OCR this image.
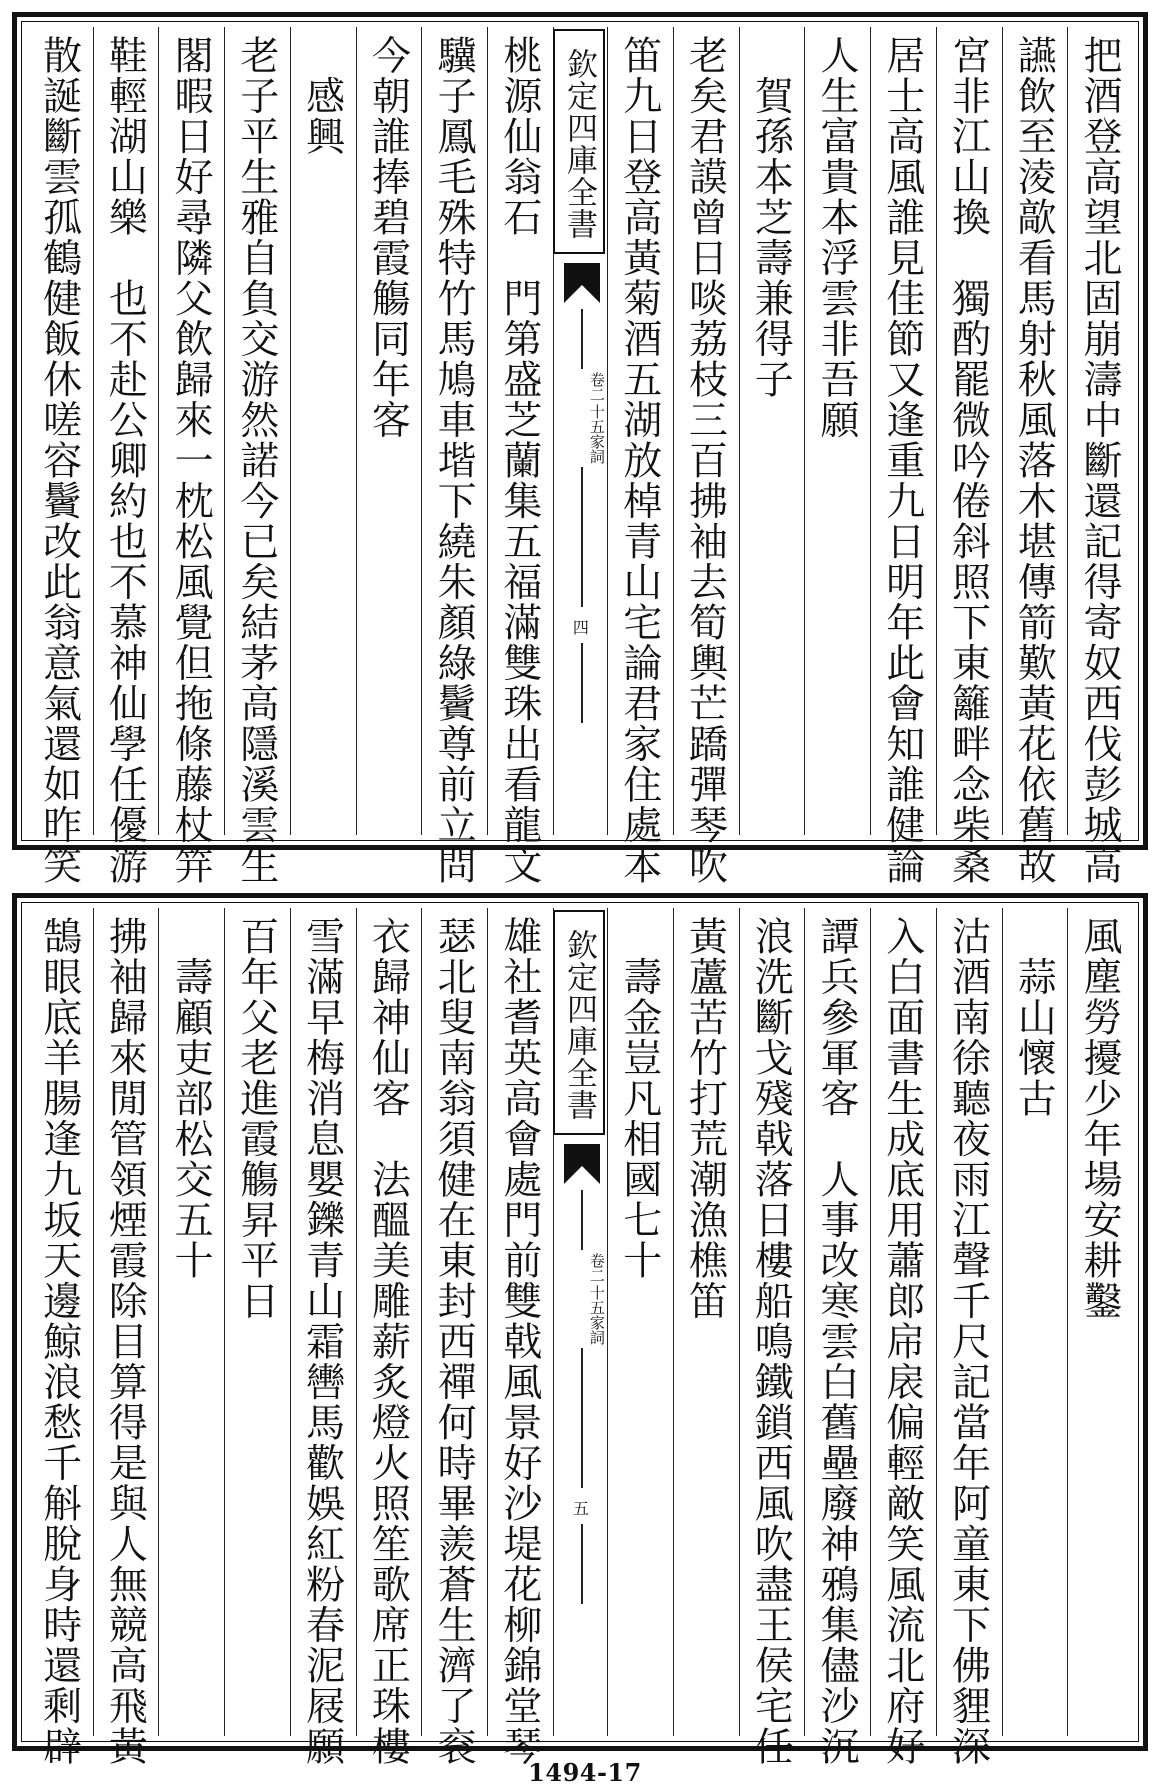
把酒登高望北固崩濤中斷還記得寄奴西伐彭城高
讌飲至淩歊看馬射秋風落木堪傳箭歎黃花依舊故
宮非江山換　獨酌罷微吟倦斜照下東籬畔念柴桑
居士高風誰見佳節又逢重九日明年此會知誰健論
人生富貴本浮雲非吾願
　賀孫本芝壽兼得子
老矣君謨曾日啖荔枝三百拂袖去筍輿芒蹻彈琴吹
笛九日登高黃菊酒五湖放棹青山宅論君家住處本
欽定四庫全書
十五家詞
卷二
四
桃源仙翁石　門第盛芝蘭集五福滿雙珠出看龍文
驥子鳳毛殊特竹馬鳩車堦下繞朱顏綠鬢尊前立問
今朝誰捧碧霞觴同年客
　感興
老子平生雅自負交游然諾今已矣結茅高隱溪雲生
閣暇日好尋隣父飲歸來一枕松風覺但拖條藤杖笄
鞋輕湖山樂　也不赴公卿約也不慕神仙學任優游
散誕斷雲孤鶴健飯休嗟容鬢改此翁意氣還如昨笑
風塵勞擾少年場安耕鑿
　蒜山懷古
沽酒南徐聽夜雨江聲千尺記當年阿童東下佛貍深
入白面書生成底用蕭郎帍扆偏輕敵笑風流北府好
譚兵參軍客　人事改寒雲白舊壘廢神鴉集儘沙沉
浪洗斷戈殘戟落日樓船鳴鐵鎖西風吹盡王侯宅任
黃蘆苦竹打荒潮漁樵笛
　壽金豈凡相國七十
欽定四庫全書
十五家詞
卷二
五
雄社耆英高會處門前雙戟風景好沙堤花柳錦堂琴
瑟北叟南翁須健在東封西禪何時畢羨蒼生濟了衮
衣歸神仙客　法醞美雕薪炙燈火照笙歌席正珠樓
雪滿早梅消息嬰鑠青山霜轡馬歡娛紅粉春泥屐願
百年父老進霞觴昇平日
　壽顧吏部松交五十
拂袖歸來閒管領煙霞除目算得是與人無競高飛黃
鵠眼底羊腸逢九坂天邊鯨浪愁千斛脫身時還剩辟
1494-17
